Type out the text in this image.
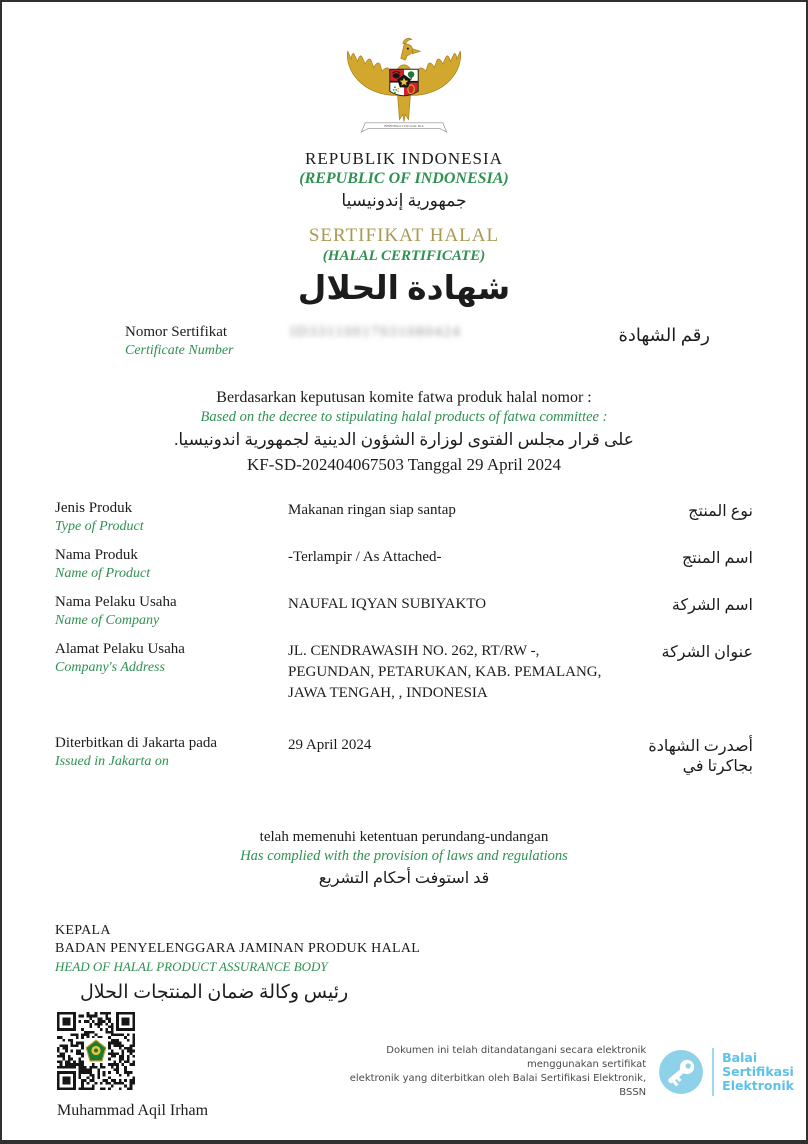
BHINNEKA TUNGGAL IKA
REPUBLIK INDONESIA
(REPUBLIC OF INDONESIA)
جمهورية إندونيسيا
SERTIFIKAT HALAL
(HALAL CERTIFICATE)
شهادة الحلال
Nomor Sertifikat
Certificate Number
ID33110017031080424	رقم الشهادة
Berdasarkan keputusan komite fatwa produk halal nomor :
Based on the decree to stipulating halal products of fatwa committee :
على قرار مجلس الفتوى لوزارة الشؤون الدينية لجمهورية اندونيسيا.
KF-SD-202404067503 Tanggal 29 April 2024
Jenis Produk
Type of Product
Makanan ringan siap santap	نوع المنتج
Nama Produk
Name of Product
-Terlampir / As Attached-	اسم المنتج
Nama Pelaku Usaha
Name of Company
NAUFAL IQYAN SUBIYAKTO	اسم الشركة
Alamat Pelaku Usaha
Company's Address
JL. CENDRAWASIH NO. 262, RT/RW -, PEGUNDAN, PETARUKAN, KAB. PEMALANG, JAWA TENGAH, , INDONESIA
عنوان الشركة
Diterbitkan di Jakarta pada
Issued in Jakarta on
29 April 2024	أصدرت الشهادة بجاكرتا في
telah memenuhi ketentuan perundang-undangan
Has complied with the provision of laws and regulations
قد استوفت أحكام التشريع
KEPALA
BADAN PENYELENGGARA JAMINAN PRODUK HALAL
HEAD OF HALAL PRODUCT ASSURANCE BODY
رئيس وكالة ضمان المنتجات الحلال
Muhammad Aqil Irham
Dokumen ini telah ditandatangani secara elektronik menggunakan sertifikat
elektronik yang diterbitkan oleh Balai Sertifikasi Elektronik, BSSN
Balai
Sertifikasi
Elektronik
